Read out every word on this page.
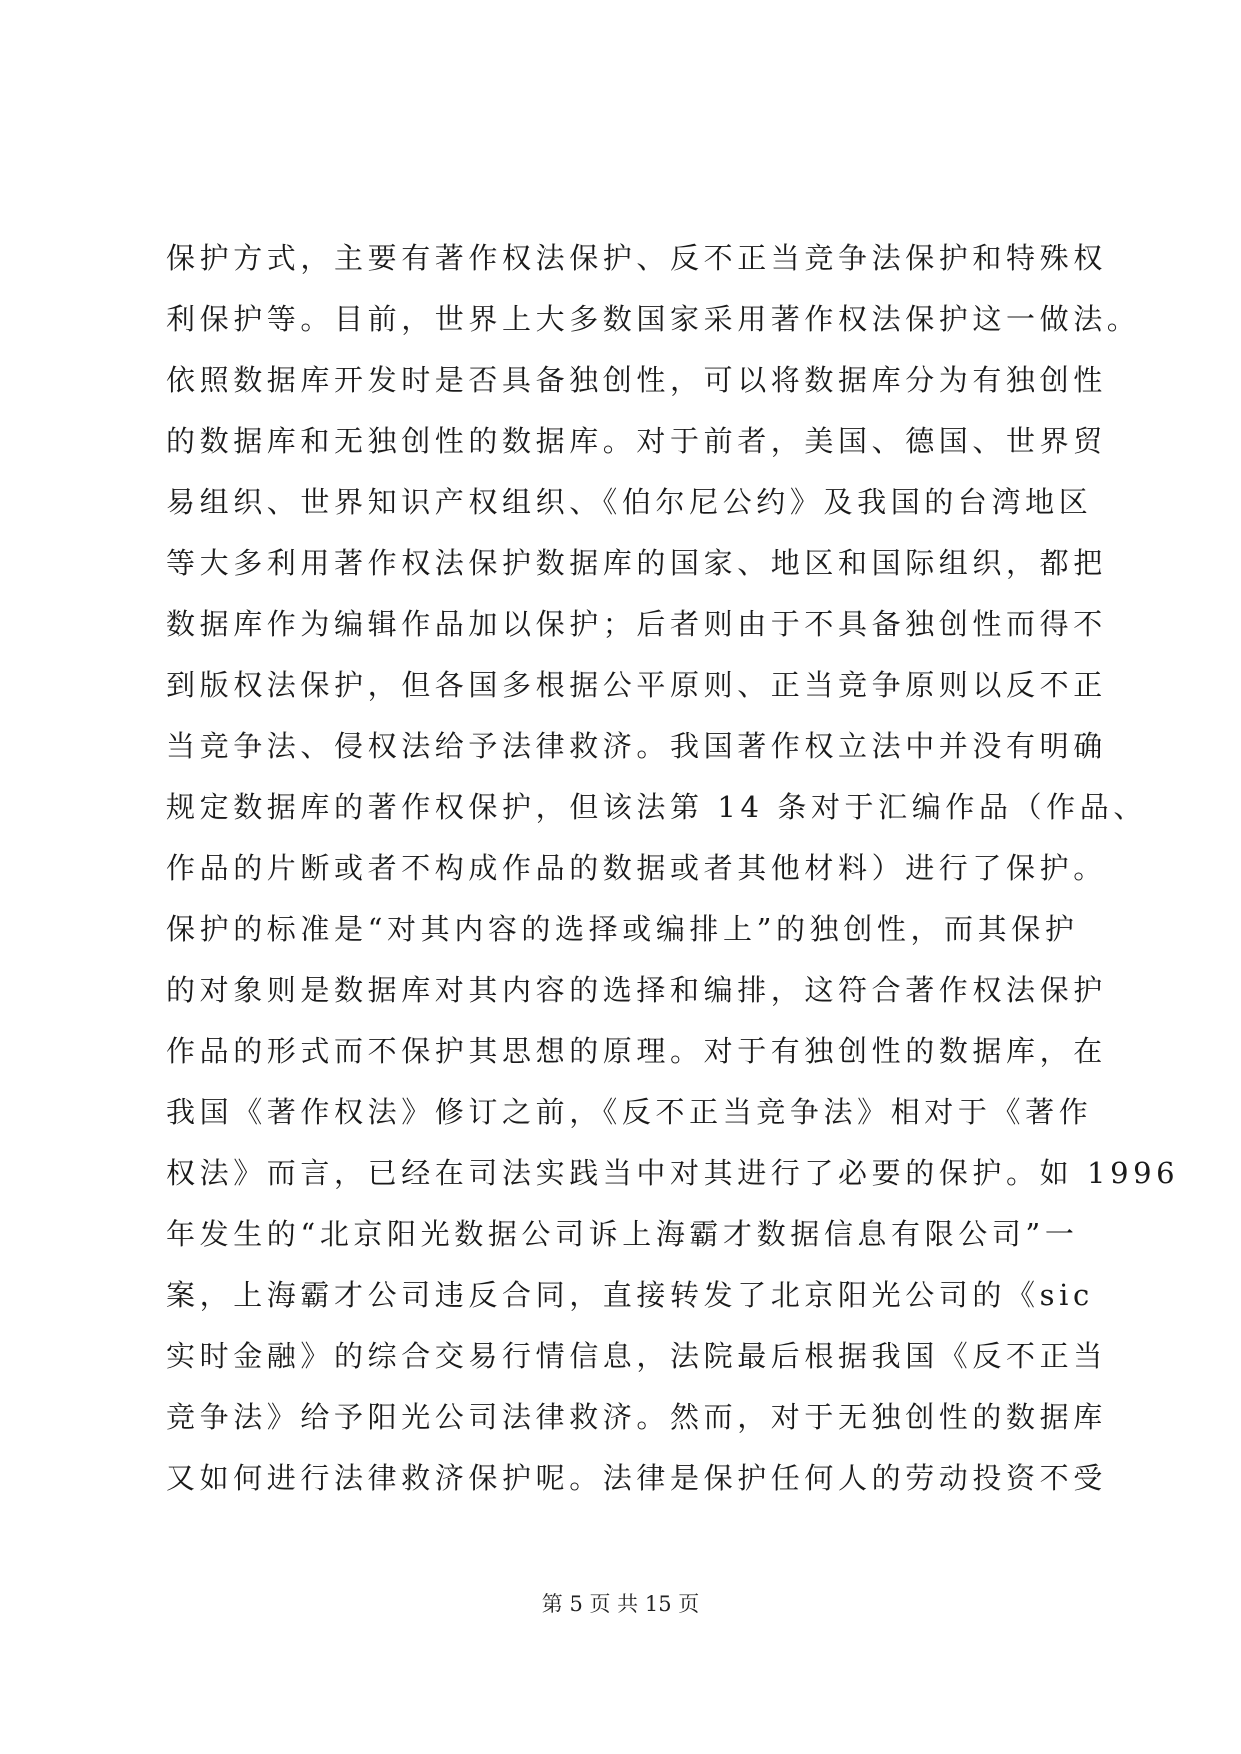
保护方式，主要有著作权法保护、反不正当竞争法保护和特殊权
利保护等。目前，世界上大多数国家采用著作权法保护这一做法。
依照数据库开发时是否具备独创性，可以将数据库分为有独创性
的数据库和无独创性的数据库。对于前者，美国、德国、世界贸
易组织、世界知识产权组织、《伯尔尼公约》及我国的台湾地区
等大多利用著作权法保护数据库的国家、地区和国际组织，都把
数据库作为编辑作品加以保护；后者则由于不具备独创性而得不
到版权法保护，但各国多根据公平原则、正当竞争原则以反不正
当竞争法、侵权法给予法律救济。我国著作权立法中并没有明确
规定数据库的著作权保护，但该法第 14 条对于汇编作品（作品、
作品的片断或者不构成作品的数据或者其他材料）进行了保护。
保护的标准是“对其内容的选择或编排上”的独创性，而其保护
的对象则是数据库对其内容的选择和编排，这符合著作权法保护
作品的形式而不保护其思想的原理。对于有独创性的数据库，在
我国《著作权法》修订之前，《反不正当竞争法》相对于《著作
权法》而言，已经在司法实践当中对其进行了必要的保护。如 1996
年发生的“北京阳光数据公司诉上海霸才数据信息有限公司”一
案，上海霸才公司违反合同，直接转发了北京阳光公司的《sic
实时金融》的综合交易行情信息，法院最后根据我国《反不正当
竞争法》给予阳光公司法律救济。然而，对于无独创性的数据库
又如何进行法律救济保护呢。法律是保护任何人的劳动投资不受
第 5 页 共 15 页
